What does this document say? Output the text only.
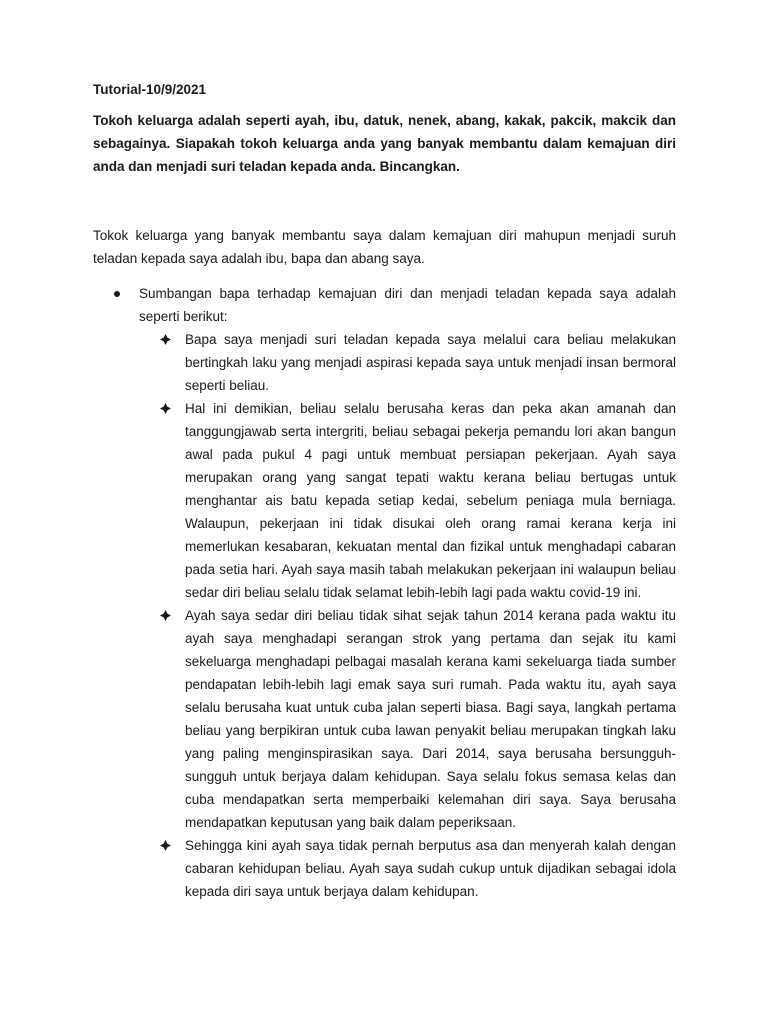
Tutorial-10/9/2021

Tokoh keluarga adalah seperti ayah, ibu, datuk, nenek, abang, kakak, pakcik, makcik dan sebagainya. Siapakah tokoh keluarga anda yang banyak membantu dalam kemajuan diri anda dan menjadi suri teladan kepada anda. Bincangkan.

Tokok keluarga yang banyak membantu saya dalam kemajuan diri mahupun menjadi suruh teladan kepada saya adalah ibu, bapa dan abang saya.

Sumbangan bapa terhadap kemajuan diri dan menjadi teladan kepada saya adalah seperti berikut:
Bapa saya menjadi suri teladan kepada saya melalui cara beliau melakukan bertingkah laku yang menjadi aspirasi kepada saya untuk menjadi insan bermoral seperti beliau.
Hal ini demikian, beliau selalu berusaha keras dan peka akan amanah dan tanggungjawab serta intergriti, beliau sebagai pekerja pemandu lori akan bangun awal pada pukul 4 pagi untuk membuat persiapan pekerjaan. Ayah saya merupakan orang yang sangat tepati waktu kerana beliau bertugas untuk menghantar ais batu kepada setiap kedai, sebelum peniaga mula berniaga. Walaupun, pekerjaan ini tidak disukai oleh orang ramai kerana kerja ini memerlukan kesabaran, kekuatan mental dan fizikal untuk menghadapi cabaran pada setia hari. Ayah saya masih tabah melakukan pekerjaan ini walaupun beliau sedar diri beliau selalu tidak selamat lebih-lebih lagi pada waktu covid-19 ini.
Ayah saya sedar diri beliau tidak sihat sejak tahun 2014 kerana pada waktu itu ayah saya menghadapi serangan strok yang pertama dan sejak itu kami sekeluarga menghadapi pelbagai masalah kerana kami sekeluarga tiada sumber pendapatan lebih-lebih lagi emak saya suri rumah. Pada waktu itu, ayah saya selalu berusaha kuat untuk cuba jalan seperti biasa. Bagi saya, langkah pertama beliau yang berpikiran untuk cuba lawan penyakit beliau merupakan tingkah laku yang paling menginspirasikan saya. Dari 2014, saya berusaha bersungguh-sungguh untuk berjaya dalam kehidupan. Saya selalu fokus semasa kelas dan cuba mendapatkan serta memperbaiki kelemahan diri saya. Saya berusaha mendapatkan keputusan yang baik dalam peperiksaan.
Sehingga kini ayah saya tidak pernah berputus asa dan menyerah kalah dengan cabaran kehidupan beliau. Ayah saya sudah cukup untuk dijadikan sebagai idola kepada diri saya untuk berjaya dalam kehidupan.
